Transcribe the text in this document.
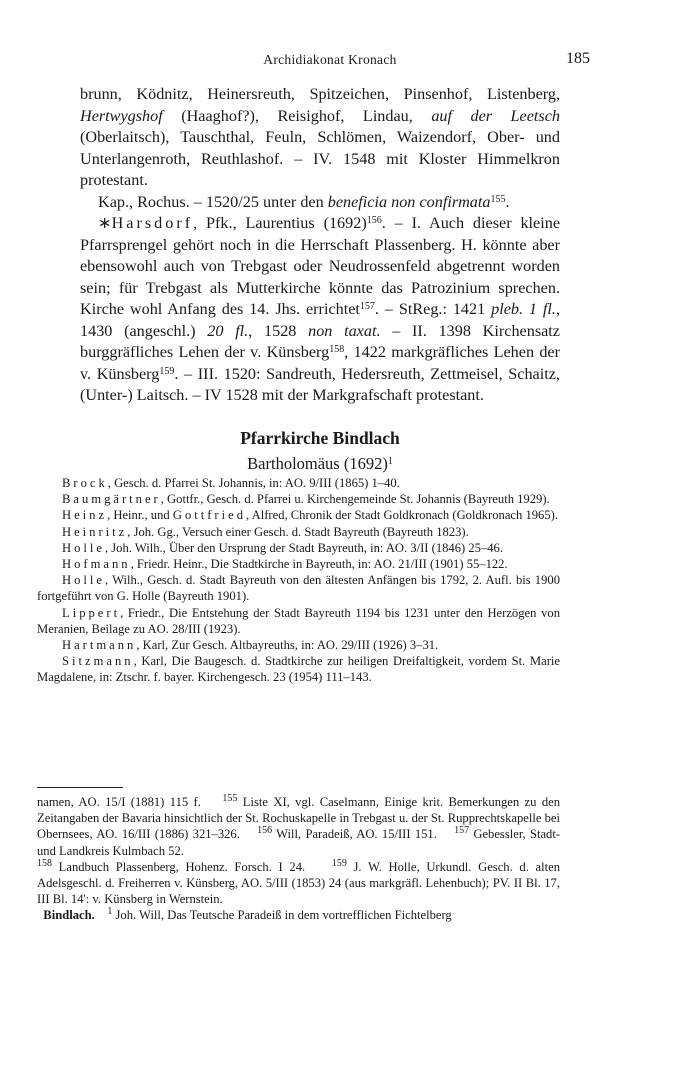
Archidiakonat Kronach	185

brunn, Ködnitz, Heinersreuth, Spitzeichen, Pinsenhof, Listenberg, Hertwygshof (Haaghof?), Reisighof, Lindau, auf der Leetsch (Oberlaitsch), Tauschthal, Feuln, Schlömen, Waizendorf, Ober- und Unterlangenroth, Reuthlashof. – IV. 1548 mit Kloster Himmelkron protestant.

Kap., Rochus. – 1520/25 unter den beneficia non confirmata$^{155}$.

∗Harsdorf, Pfk., Laurentius $(1692)^{156}$. – I. Auch dieser kleine Pfarrsprengel gehört noch in die Herrschaft Plassenberg. H. könnte aber ebensowohl auch von Trebgast oder Neudrossenfeld abgetrennt worden sein; für Trebgast als Mutterkirche könnte das Patrozinium sprechen. Kirche wohl Anfang des 14. Jhs. errichtet$^{157}$. – StReg.: 1421 pleb. 1 fl., 1430 (angeschl.) 20 fl., 1528 non taxat. – II. 1398 Kirchensatz burggräfliches Lehen der v. Künsberg$^{158}$, 1422 markgräfliches Lehen der v. Künsberg$^{159}$. – III. 1520: Sandreuth, Hedersreuth, Zettmeisel, Schaitz, (Unter-) Laitsch. – IV 1528 mit der Markgrafschaft protestant.

Pfarrkirche Bindlach
Bartholomäus $(1692)^1$

Brock, Gesch. d. Pfarrei St. Johannis, in: AO. 9/III (1865) 1–40.

Baumgärtner, Gottfr., Gesch. d. Pfarrei u. Kirchengemeinde St. Johannis (Bayreuth 1929).

Heinz, Heinr., und Gottfried, Alfred, Chronik der Stadt Goldkronach (Goldkronach 1965).

Heinritz, Joh. Gg., Versuch einer Gesch. d. Stadt Bayreuth (Bayreuth 1823).

Holle, Joh. Wilh., Über den Ursprung der Stadt Bayreuth, in: AO. 3/II (1846) 25–46.

Hofmann, Friedr. Heinr., Die Stadtkirche in Bayreuth, in: AO. 21/III (1901) 55–122.

Holle, Wilh., Gesch. d. Stadt Bayreuth von den ältesten Anfängen bis 1792, 2. Aufl. bis 1900 fortgeführt von G. Holle (Bayreuth 1901).

Lippert, Friedr., Die Entstehung der Stadt Bayreuth 1194 bis 1231 unter den Herzögen von Meranien, Beilage zu AO. 28/III (1923).

Hartmann, Karl, Zur Gesch. Altbayreuths, in: AO. 29/III (1926) 3–31.

Sitzmann, Karl, Die Baugesch. d. Stadtkirche zur heiligen Dreifaltigkeit, vordem St. Marie Magdalene, in: Ztschr. f. bayer. Kirchengesch. 23 (1954) 111–143.

namen, AO. 15/I (1881) 115 f. $^{155}$ Liste XI, vgl. Caselmann, Einige krit. Bemerkungen zu den Zeitangaben der Bavaria hinsichtlich der St. Rochuskapelle in Trebgast u. der St. Rupprechtskapelle bei Obernsees, AO. 16/III (1886) 321–326. $^{156}$ Will, Paradeiß, AO. 15/III 151. $^{157}$ Gebessler, Stadt- und Landkreis Kulmbach 52.
$^{158}$ Landbuch Plassenberg, Hohenz. Forsch. I 24.	$^{159}$ J. W. Holle, Urkundl. Gesch. d. alten Adelsgeschl. d. Freiherren v. Künsberg, AO. 5/III (1853) 24 (aus markgräfl. Lehenbuch); PV. II Bl. 17, III Bl. 14': v. Künsberg in Wernstein.

Bindlach. $^1$ Joh. Will, Das Teutsche Paradeiß in dem vortrefflichen Fichtelberg
